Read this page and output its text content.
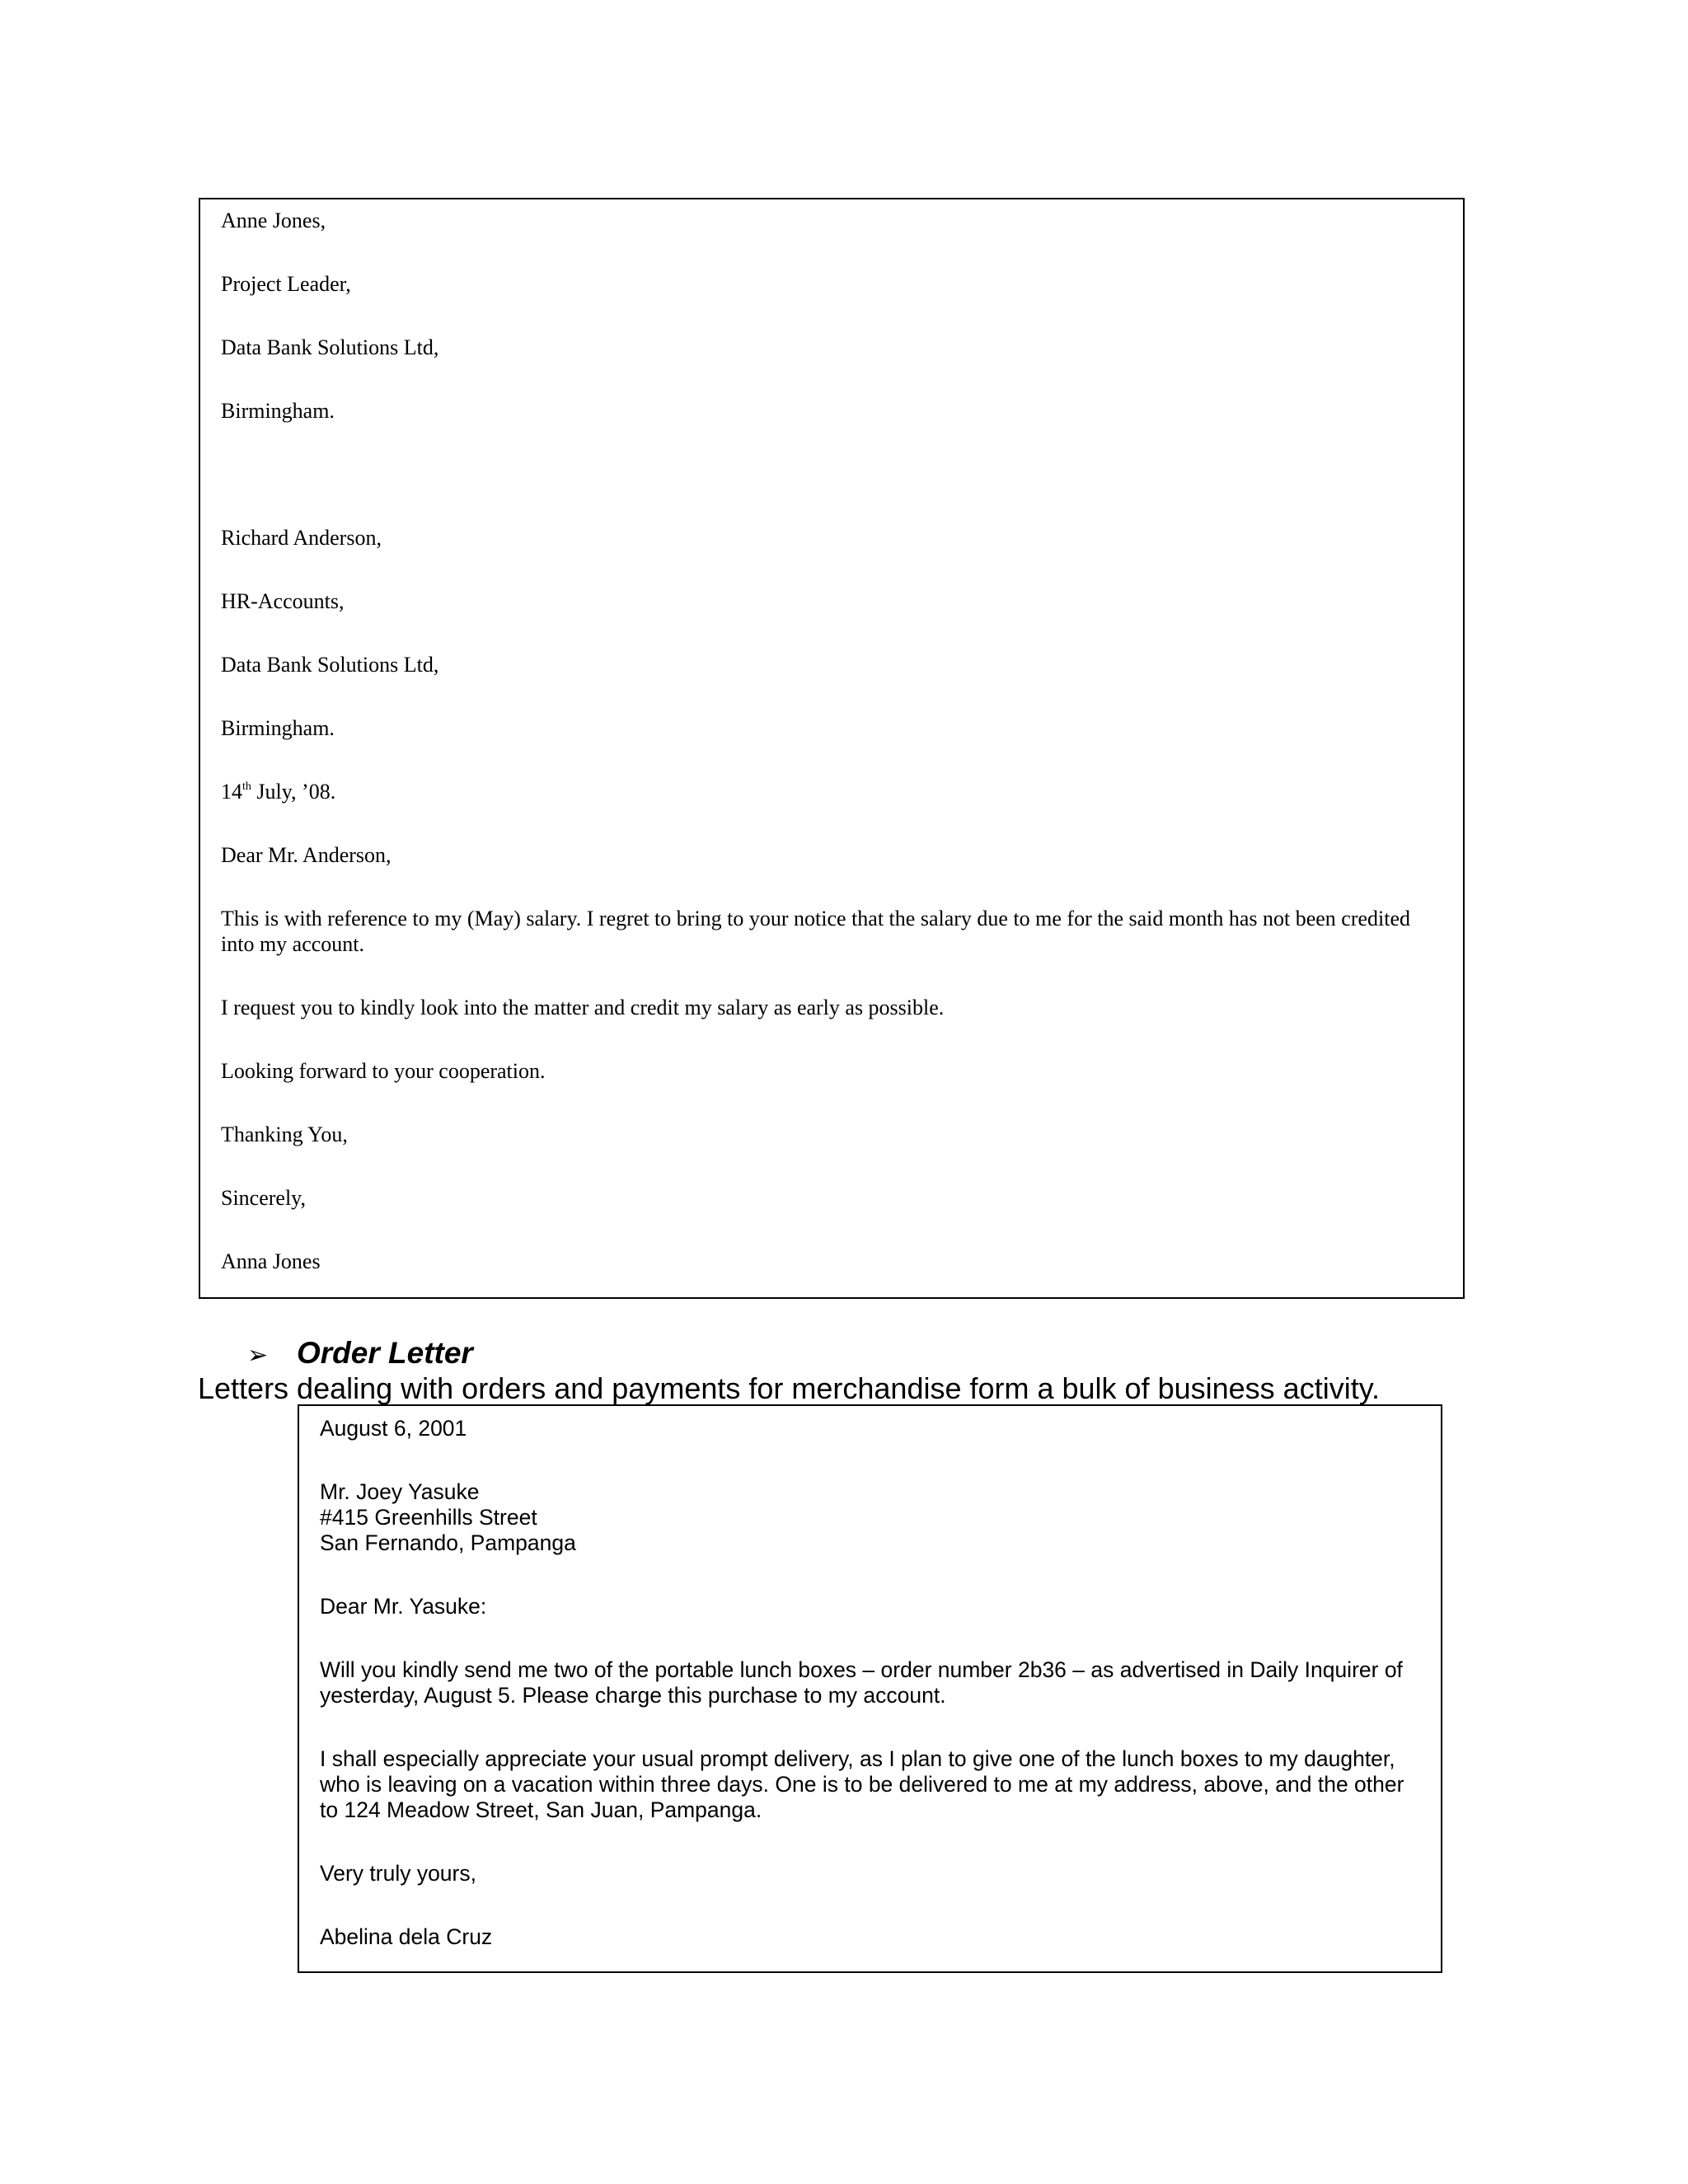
Anne Jones,

Project Leader,

Data Bank Solutions Ltd,

Birmingham.

Richard Anderson,

HR-Accounts,

Data Bank Solutions Ltd,

Birmingham.

14th July, ’08.

Dear Mr. Anderson,

This is with reference to my (May) salary. I regret to bring to your notice that the salary due to me for the said month has not been credited into my account.

I request you to kindly look into the matter and credit my salary as early as possible.

Looking forward to your cooperation.

Thanking You,

Sincerely,

Anna Jones

➢ Order Letter
Letters dealing with orders and payments for merchandise form a bulk of business activity.

August 6, 2001

Mr. Joey Yasuke
#415 Greenhills Street
San Fernando, Pampanga

Dear Mr. Yasuke:

Will you kindly send me two of the portable lunch boxes – order number 2b36 – as advertised in Daily Inquirer of yesterday, August 5. Please charge this purchase to my account.

I shall especially appreciate your usual prompt delivery, as I plan to give one of the lunch boxes to my daughter, who is leaving on a vacation within three days. One is to be delivered to me at my address, above, and the other to 124 Meadow Street, San Juan, Pampanga.

Very truly yours,

Abelina dela Cruz
